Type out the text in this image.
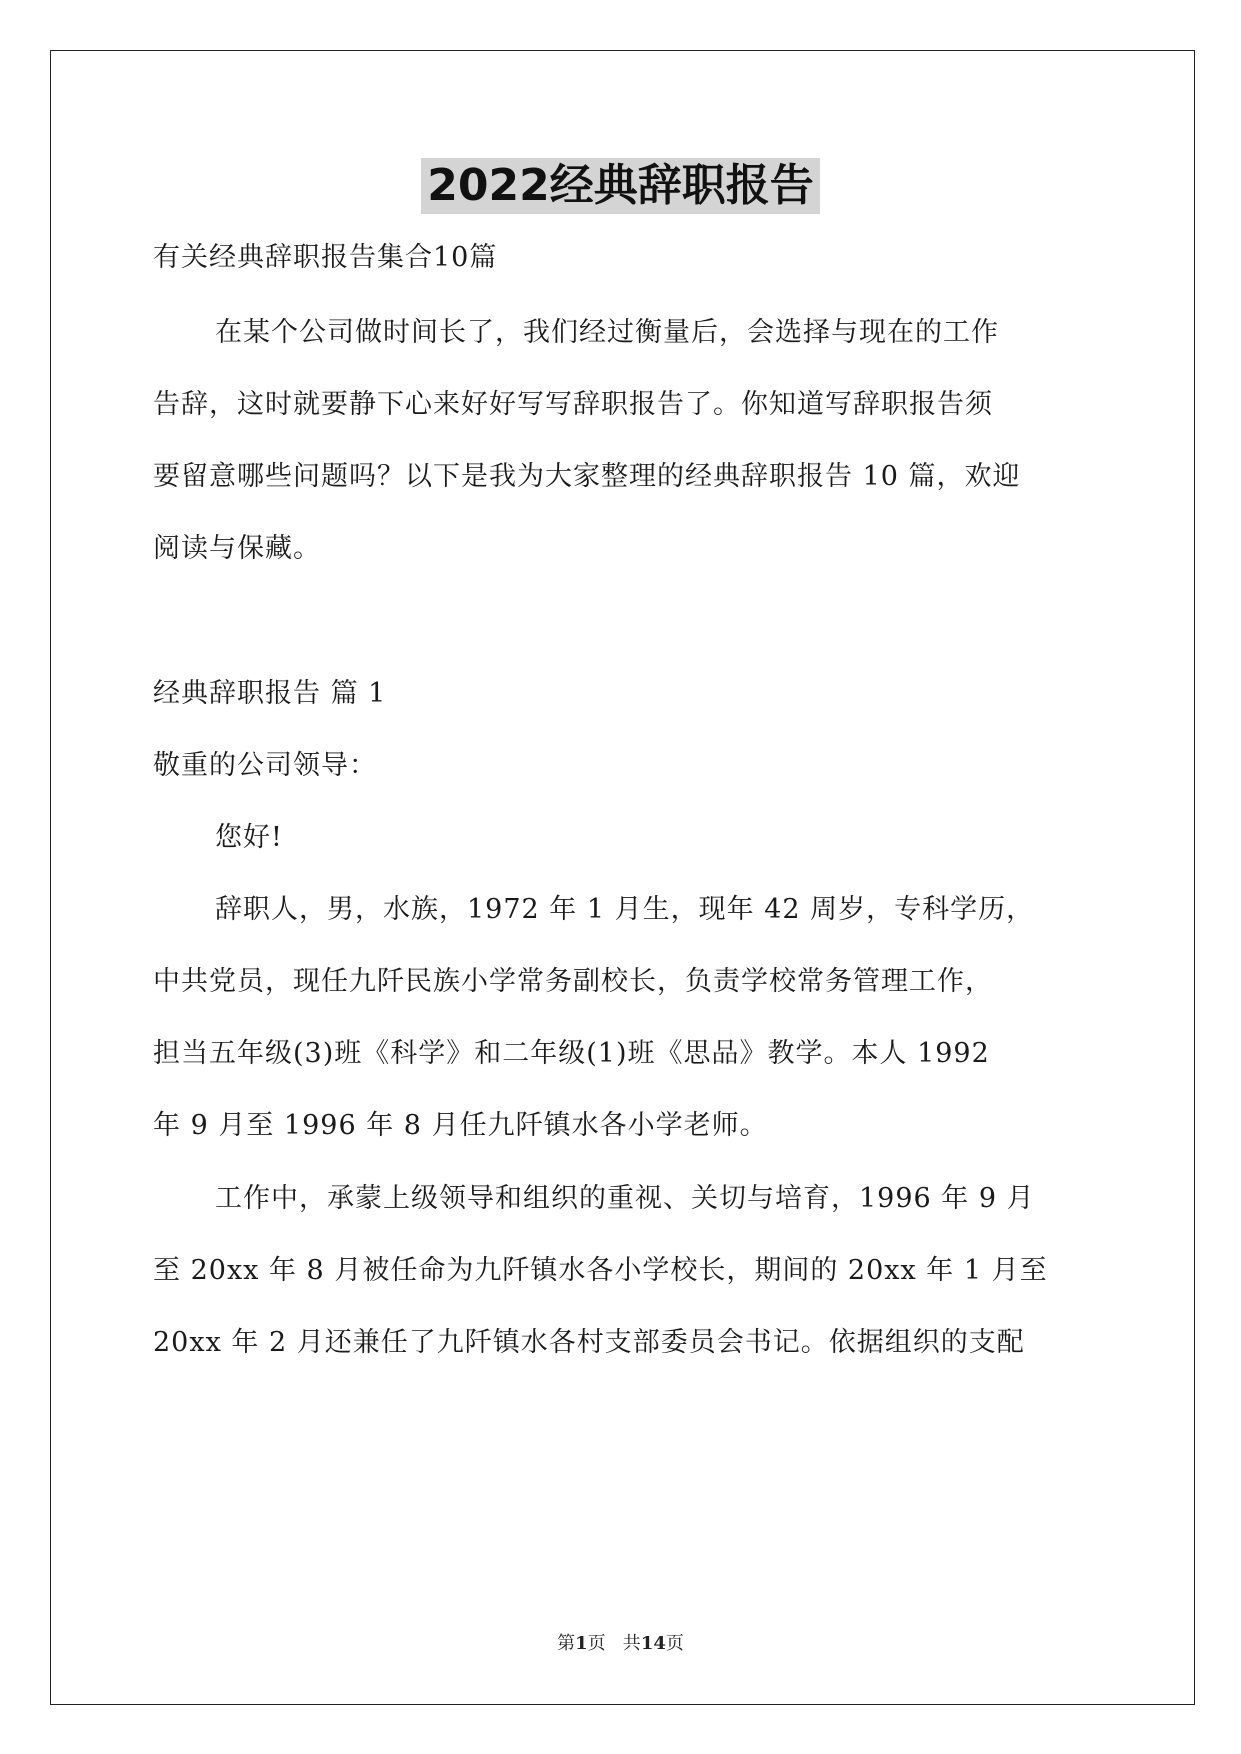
2022经典辞职报告
有关经典辞职报告集合10篇
在某个公司做时间长了，我们经过衡量后，会选择与现在的工作
告辞，这时就要静下心来好好写写辞职报告了。你知道写辞职报告须
要留意哪些问题吗？以下是我为大家整理的经典辞职报告 10 篇，欢迎
阅读与保藏。
经典辞职报告 篇 1
敬重的公司领导：
您好!
辞职人，男，水族，1972 年 1 月生，现年 42 周岁，专科学历，
中共党员，现任九阡民族小学常务副校长，负责学校常务管理工作，
担当五年级(3)班《科学》和二年级(1)班《思品》教学。本人 1992
年 9 月至 1996 年 8 月任九阡镇水各小学老师。
工作中，承蒙上级领导和组织的重视、关切与培育，1996 年 9 月
至 20xx 年 8 月被任命为九阡镇水各小学校长，期间的 20xx 年 1 月至
20xx 年 2 月还兼任了九阡镇水各村支部委员会书记。依据组织的支配
第1页   共14页
